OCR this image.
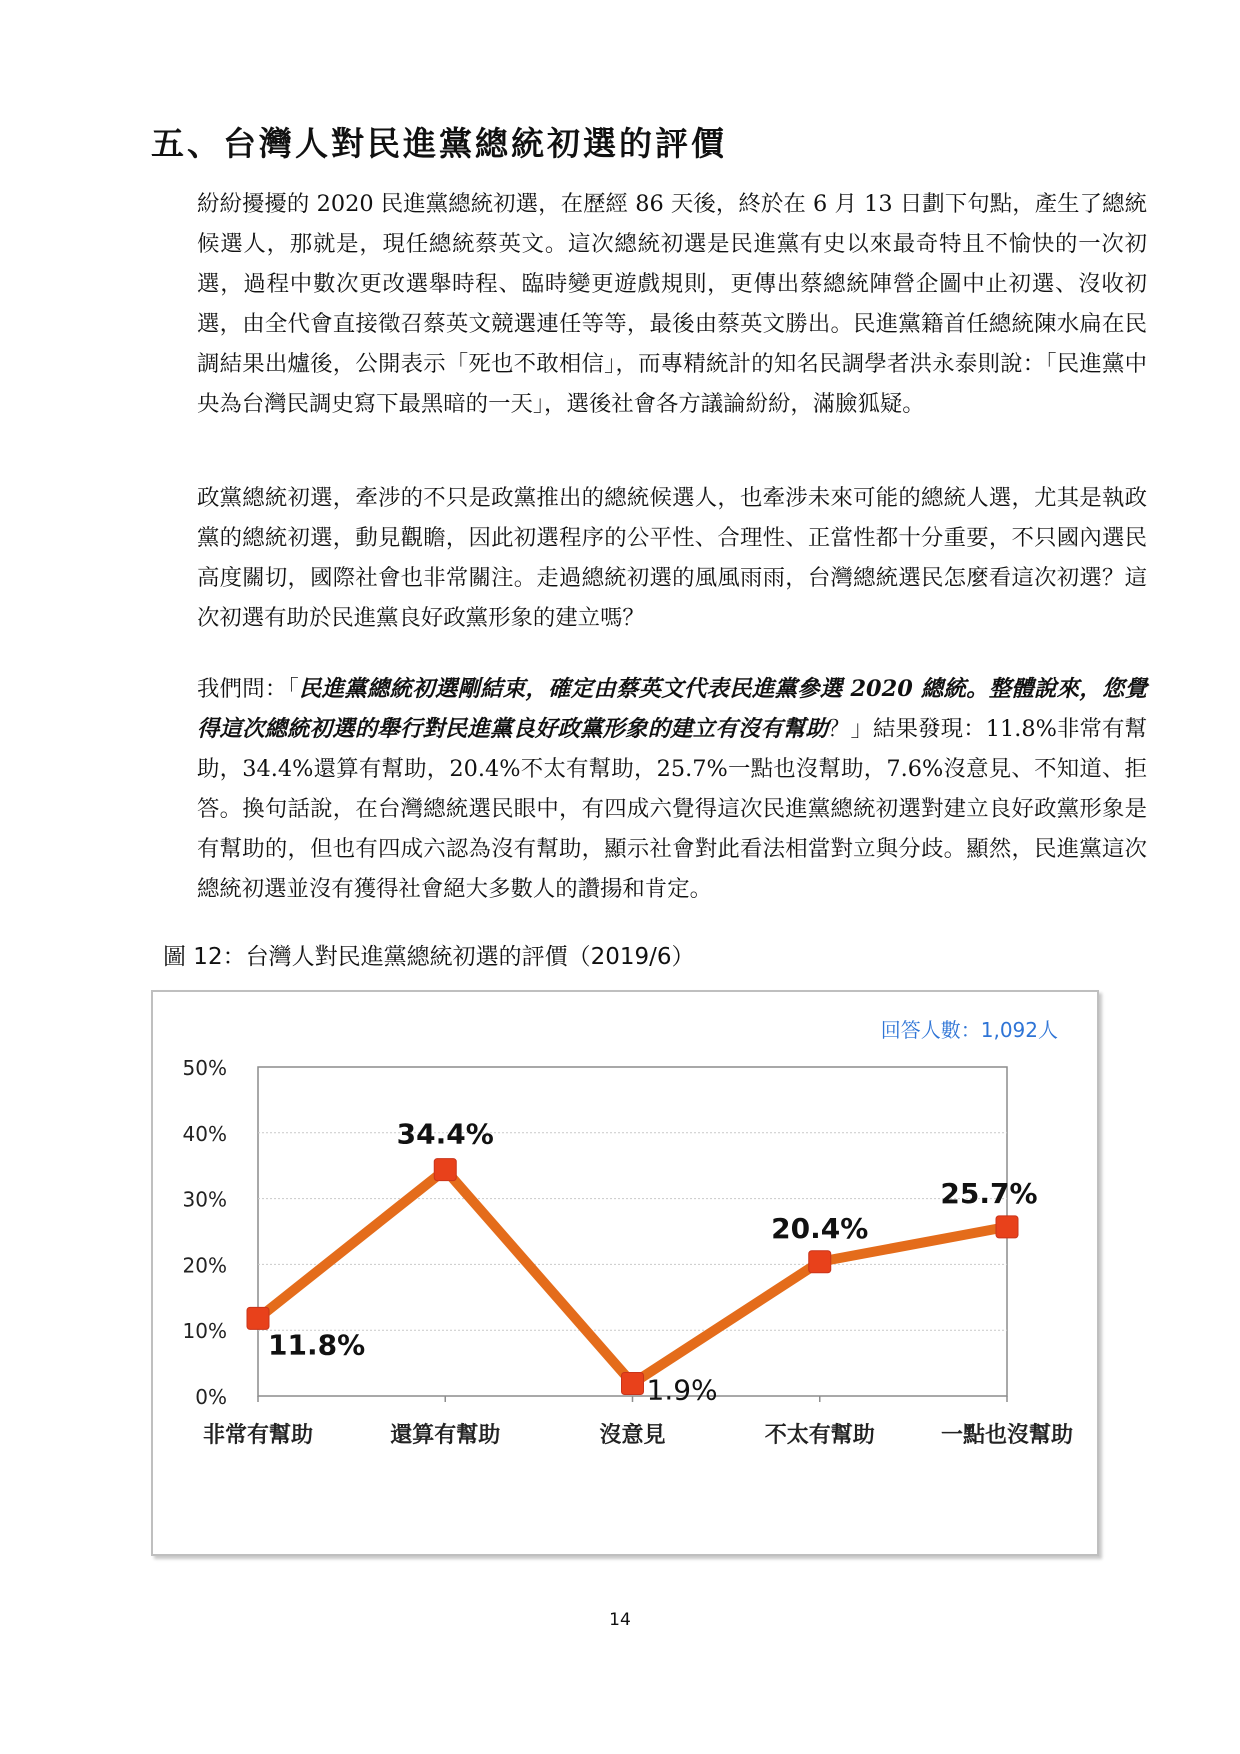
五、台灣人對民進黨總統初選的評價

紛紛擾擾的 2020 民進黨總統初選，在歷經 86 天後，終於在 6 月 13 日劃下句點，產生了總統候選人，那就是，現任總統蔡英文。這次總統初選是民進黨有史以來最奇特且不愉快的一次初選，過程中數次更改選舉時程、臨時變更遊戲規則，更傳出蔡總統陣營企圖中止初選、沒收初選，由全代會直接徵召蔡英文競選連任等等，最後由蔡英文勝出。民進黨籍首任總統陳水扁在民調結果出爐後，公開表示「死也不敢相信」，而專精統計的知名民調學者洪永泰則說：「民進黨中央為台灣民調史寫下最黑暗的一天」，選後社會各方議論紛紛，滿臉狐疑。

政黨總統初選，牽涉的不只是政黨推出的總統候選人，也牽涉未來可能的總統人選，尤其是執政黨的總統初選，動見觀瞻，因此初選程序的公平性、合理性、正當性都十分重要，不只國內選民高度關切，國際社會也非常關注。走過總統初選的風風雨雨，台灣總統選民怎麼看這次初選？這次初選有助於民進黨良好政黨形象的建立嗎？

我們問：「民進黨總統初選剛結束，確定由蔡英文代表民進黨參選 2020 總統。整體說來，您覺得這次總統初選的舉行對民進黨良好政黨形象的建立有沒有幫助？」結果發現：11.8%非常有幫助，34.4%還算有幫助，20.4%不太有幫助，25.7%一點也沒幫助，7.6%沒意見、不知道、拒答。換句話說，在台灣總統選民眼中，有四成六覺得這次民進黨總統初選對建立良好政黨形象是有幫助的，但也有四成六認為沒有幫助，顯示社會對此看法相當對立與分歧。顯然，民進黨這次總統初選並沒有獲得社會絕大多數人的讚揚和肯定。

圖 12：台灣人對民進黨總統初選的評價（2019/6）

0%
10%
20%
30%
40%
50%
非常有幫助	還算有幫助	沒意見	不太有幫助	一點也沒幫助
11.8%
34.4%
1.9%
20.4%
25.7%
回答人數：1,092人
14
